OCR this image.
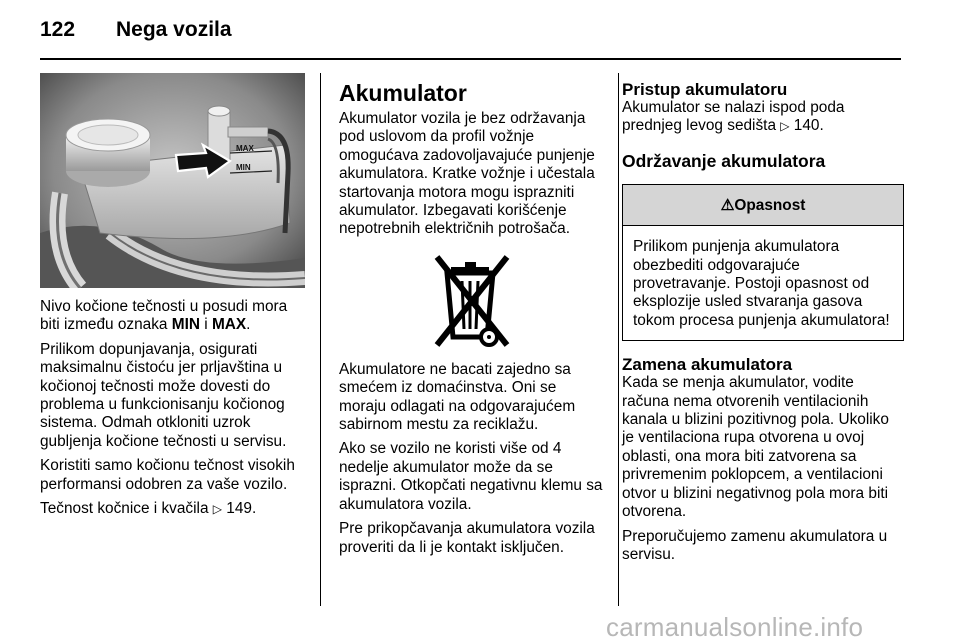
122 Nega vozila
MAX
MIN

Nivo kočione tečnosti u posudi mora biti između oznaka MIN i MAX.

Prilikom dopunjavanja, osigurati maksimalnu čistoću jer prljavština u kočionoj tečnosti može dovesti do problema u funkcionisanju kočionog sistema. Odmah otkloniti uzrok gubljenja kočione tečnosti u servisu.

Koristiti samo kočionu tečnost visokih performansi odobren za vaše vozilo.

Tečnost kočnice i kvačila ▷ 149.

Akumulator

Akumulator vozila je bez održavanja pod uslovom da profil vožnje omogućava zadovoljavajuće punjenje akumulatora. Kratke vožnje i učestala startovanja motora mogu isprazniti akumulator. Izbegavati korišćenje nepotrebnih električnih potrošača.

Akumulatore ne bacati zajedno sa smećem iz domaćinstva. Oni se moraju odlagati na odgovarajućem sabirnom mestu za reciklažu.

Ako se vozilo ne koristi više od 4 nedelje akumulator može da se isprazni. Otkopčati negativnu klemu sa akumulatora vozila.

Pre prikopčavanja akumulatora vozila proveriti da li je kontakt isključen.

Pristup akumulatoru

Akumulator se nalazi ispod poda prednjeg levog sedišta ▷ 140.

Održavanje akumulatora
⚠Opasnost

Prilikom punjenja akumulatora obezbediti odgovarajuće provetravanje. Postoji opasnost od eksplozije usled stvaranja gasova tokom procesa punjenja akumulatora!

Zamena akumulatora

Kada se menja akumulator, vodite računa nema otvorenih ventilacionih kanala u blizini pozitivnog pola. Ukoliko je ventilaciona rupa otvorena u ovoj oblasti, ona mora biti zatvorena sa privremenim poklopcem, a ventilacioni otvor u blizini negativnog pola mora biti otvorena.

Preporučujemo zamenu akumulatora u servisu.

carmanualsonline.info
